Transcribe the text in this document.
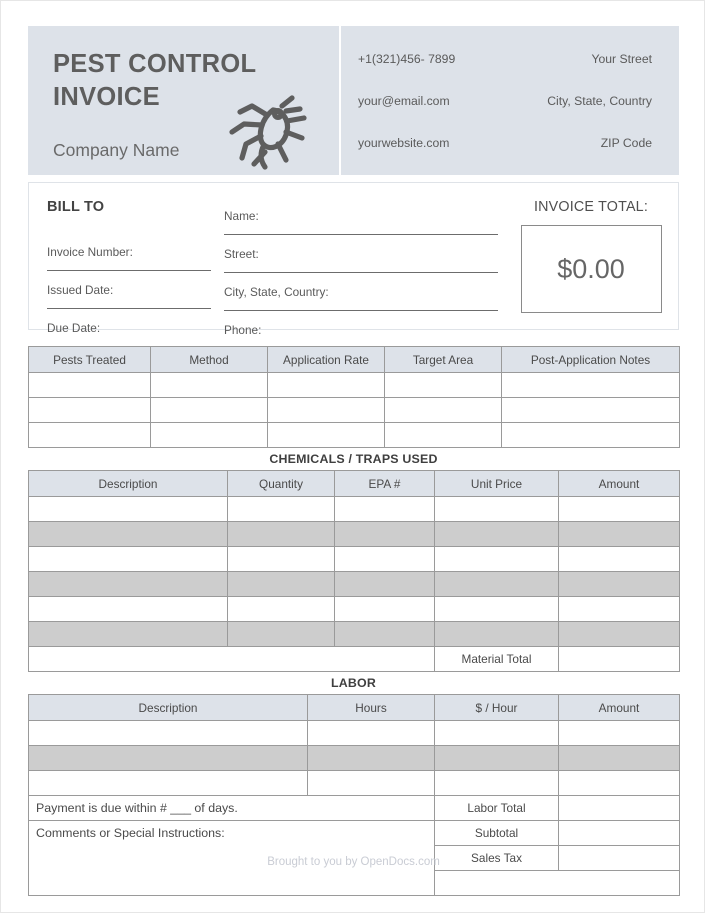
PEST CONTROL
INVOICE
Company Name
+1(321)456- 7899	Your Street
your@email.com	City, State, Country
yourwebsite.com	ZIP Code
BILL TO
Invoice Number:
Issued Date:
Due Date:
Name:
Street:
City, State, Country:
Phone:
INVOICE TOTAL:
$0.00
Pests Treated	Method	Application Rate	Target Area	Post-Application Notes

CHEMICALS / TRAPS USED
Description	Quantity	EPA #	Unit Price	Amount

			Material Total	
LABOR
Description	Hours	$ / Hour	Amount

Payment is due within # ___ of days.		Labor Total	
Comments or Special Instructions:		Subtotal	
		Sales Tax	
		TOTAL	
Brought to you by OpenDocs.com
